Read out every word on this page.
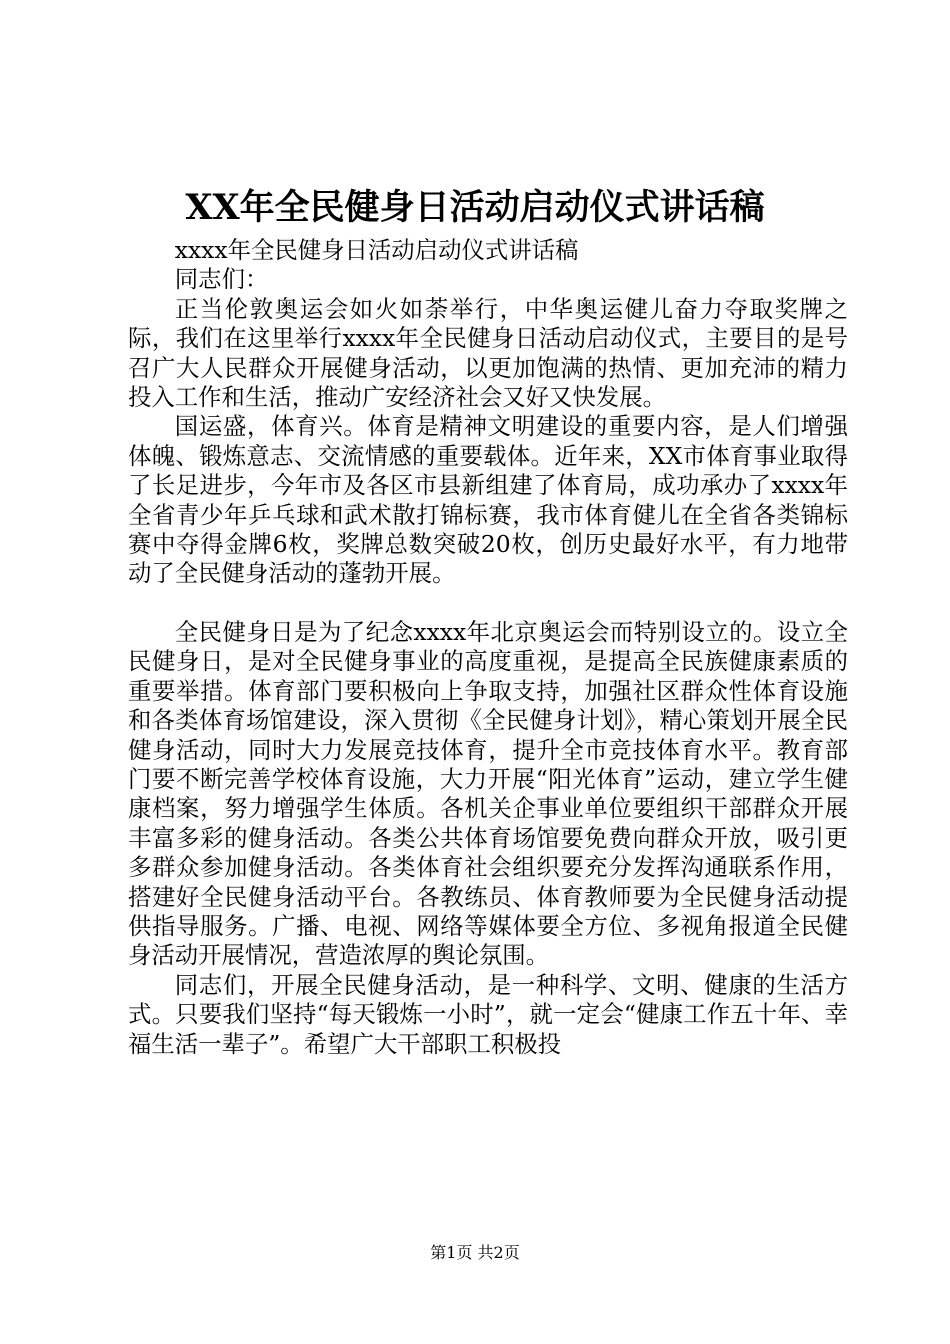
XX年全民健身日活动启动仪式讲话稿

xxxx年全民健身日活动启动仪式讲话稿

同志们：

正当伦敦奥运会如火如荼举行，中华奥运健儿奋力夺取奖牌之际，我们在这里举行xxxx年全民健身日活动启动仪式，主要目的是号召广大人民群众开展健身活动，以更加饱满的热情、更加充沛的精力投入工作和生活，推动广安经济社会又好又快发展。

国运盛，体育兴。体育是精神文明建设的重要内容，是人们增强体魄、锻炼意志、交流情感的重要载体。近年来，XX市体育事业取得了长足进步，今年市及各区市县新组建了体育局，成功承办了xxxx年全省青少年乒乓球和武术散打锦标赛，我市体育健儿在全省各类锦标赛中夺得金牌6枚，奖牌总数突破20枚，创历史最好水平，有力地带动了全民健身活动的蓬勃开展。

全民健身日是为了纪念xxxx年北京奥运会而特别设立的。设立全民健身日，是对全民健身事业的高度重视，是提高全民族健康素质的重要举措。体育部门要积极向上争取支持，加强社区群众性体育设施和各类体育场馆建设，深入贯彻《全民健身计划》，精心策划开展全民健身活动，同时大力发展竞技体育，提升全市竞技体育水平。教育部门要不断完善学校体育设施，大力开展“阳光体育”运动，建立学生健康档案，努力增强学生体质。各机关企事业单位要组织干部群众开展丰富多彩的健身活动。各类公共体育场馆要免费向群众开放，吸引更多群众参加健身活动。各类体育社会组织要充分发挥沟通联系作用，搭建好全民健身活动平台。各教练员、体育教师要为全民健身活动提供指导服务。广播、电视、网络等媒体要全方位、多视角报道全民健身活动开展情况，营造浓厚的舆论氛围。

同志们，开展全民健身活动，是一种科学、文明、健康的生活方式。只要我们坚持“每天锻炼一小时”，就一定会“健康工作五十年、幸福生活一辈子”。希望广大干部职工积极投

第1页 共2页
